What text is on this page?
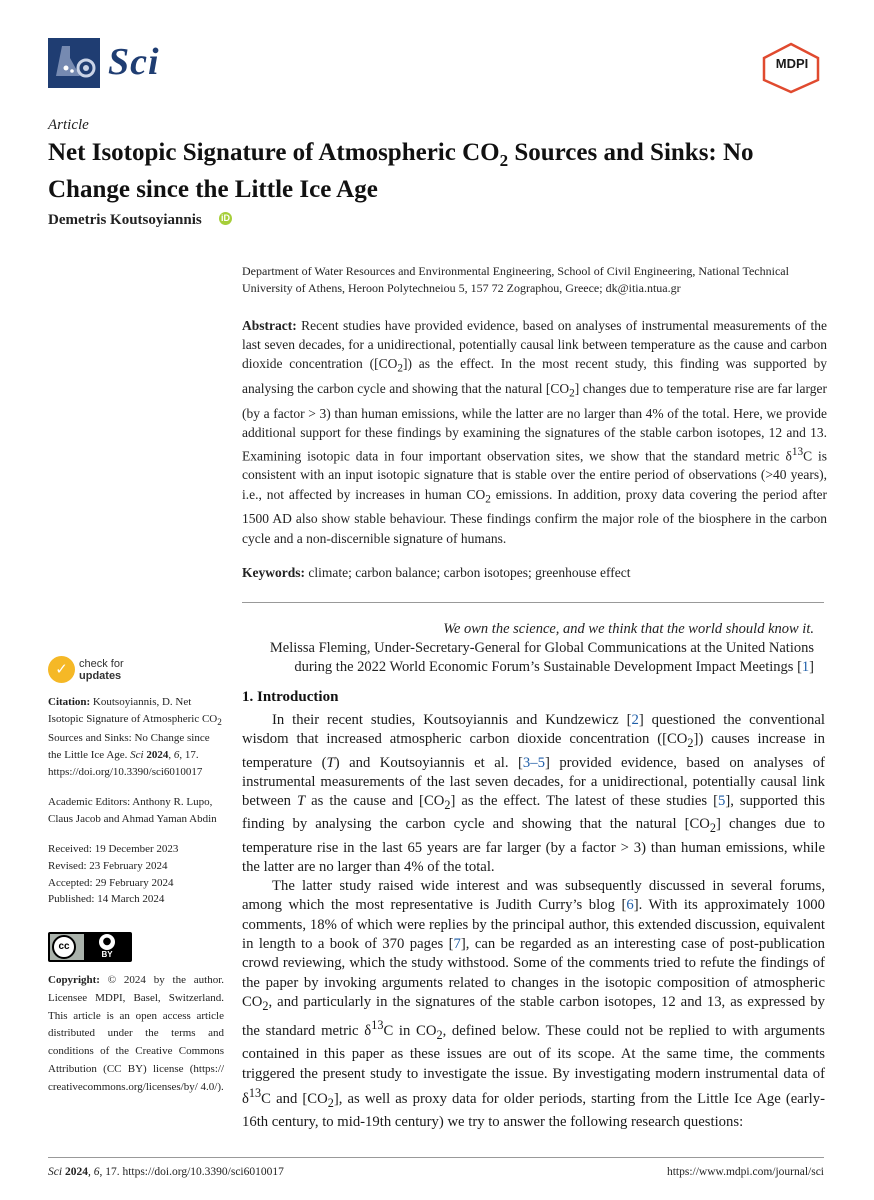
Sci	MDPI
Article
Net Isotopic Signature of Atmospheric $CO_2$ Sources and Sinks: No Change since the Little Ice Age
Demetris Koutsoyiannis iD
Department of Water Resources and Environmental Engineering, School of Civil Engineering, National Technical University of Athens, Heroon Polytechneiou 5, 157 72 Zographou, Greece; dk@itia.ntua.gr
Abstract: Recent studies have provided evidence, based on analyses of instrumental measurements of the last seven decades, for a unidirectional, potentially causal link between temperature as the cause and carbon dioxide concentration $([CO_2])$ as the effect. In the most recent study, this finding was supported by analysing the carbon cycle and showing that the natural $[CO_2]$ changes due to temperature rise are far larger (by a factor > 3) than human emissions, while the latter are no larger than 4% of the total. Here, we provide additional support for these findings by examining the signatures of the stable carbon isotopes, 12 and 13. Examining isotopic data in four important observation sites, we show that the standard metric $\delta^{13}C$ is consistent with an input isotopic signature that is stable over the entire period of observations (>40 years), i.e., not affected by increases in human $CO_2$ emissions. In addition, proxy data covering the period after 1500 AD also show stable behaviour. These findings confirm the major role of the biosphere in the carbon cycle and a non-discernible signature of humans.
Keywords: climate; carbon balance; carbon isotopes; greenhouse effect
We own the science, and we think that the world should know it.
Melissa Fleming, Under-Secretary-General for Global Communications at the United Nations
during the 2022 World Economic Forum’s Sustainable Development Impact Meetings [1]
1. Introduction

In their recent studies, Koutsoyiannis and Kundzewicz [2] questioned the conventional wisdom that increased atmospheric carbon dioxide concentration $([CO_2])$ causes increase in temperature (T) and Koutsoyiannis et al. [3–5] provided evidence, based on analyses of instrumental measurements of the last seven decades, for a unidirectional, potentially causal link between T as the cause and $[CO_2]$ as the effect. The latest of these studies [5], supported this finding by analysing the carbon cycle and showing that the natural $[CO_2]$ changes due to temperature rise in the last 65 years are far larger (by a factor > 3) than human emissions, while the latter are no larger than 4% of the total.

The latter study raised wide interest and was subsequently discussed in several forums, among which the most representative is Judith Curry’s blog [6]. With its approximately 1000 comments, 18% of which were replies by the principal author, this extended discussion, equivalent in length to a book of 370 pages [7], can be regarded as an interesting case of post-publication crowd reviewing, which the study withstood. Some of the comments tried to refute the findings of the paper by invoking arguments related to changes in the isotopic composition of atmospheric $CO_2$, and particularly in the signatures of the stable carbon isotopes, 12 and 13, as expressed by the standard metric $\delta^{13}C$ in $CO_2$, defined below. These could not be replied to with arguments contained in this paper as these issues are out of its scope. At the same time, the comments triggered the present study to investigate the issue. By investigating modern instrumental data of $\delta^{13}C$ and $[CO_2]$, as well as proxy data for older periods, starting from the Little Ice Age (early-16th century, to mid-19th century) we try to answer the following research questions:

✓	check for
updates
Citation: Koutsoyiannis, D. Net Isotopic Signature of Atmospheric $CO_2$ Sources and Sinks: No Change since the Little Ice Age. Sci 2024, 6, 17. https://doi.org/10.3390/sci6010017
Academic Editors: Anthony R. Lupo, Claus Jacob and Ahmad Yaman Abdin
Received: 19 December 2023
Revised: 23 February 2024
Accepted: 29 February 2024
Published: 14 March 2024
cc	●
BY
Copyright: © 2024 by the author. Licensee MDPI, Basel, Switzerland. This article is an open access article distributed under the terms and conditions of the Creative Commons Attribution (CC BY) license (https:// creativecommons.org/licenses/by/ 4.0/).
Sci 2024, 6, 17. https://doi.org/10.3390/sci6010017	https://www.mdpi.com/journal/sci
